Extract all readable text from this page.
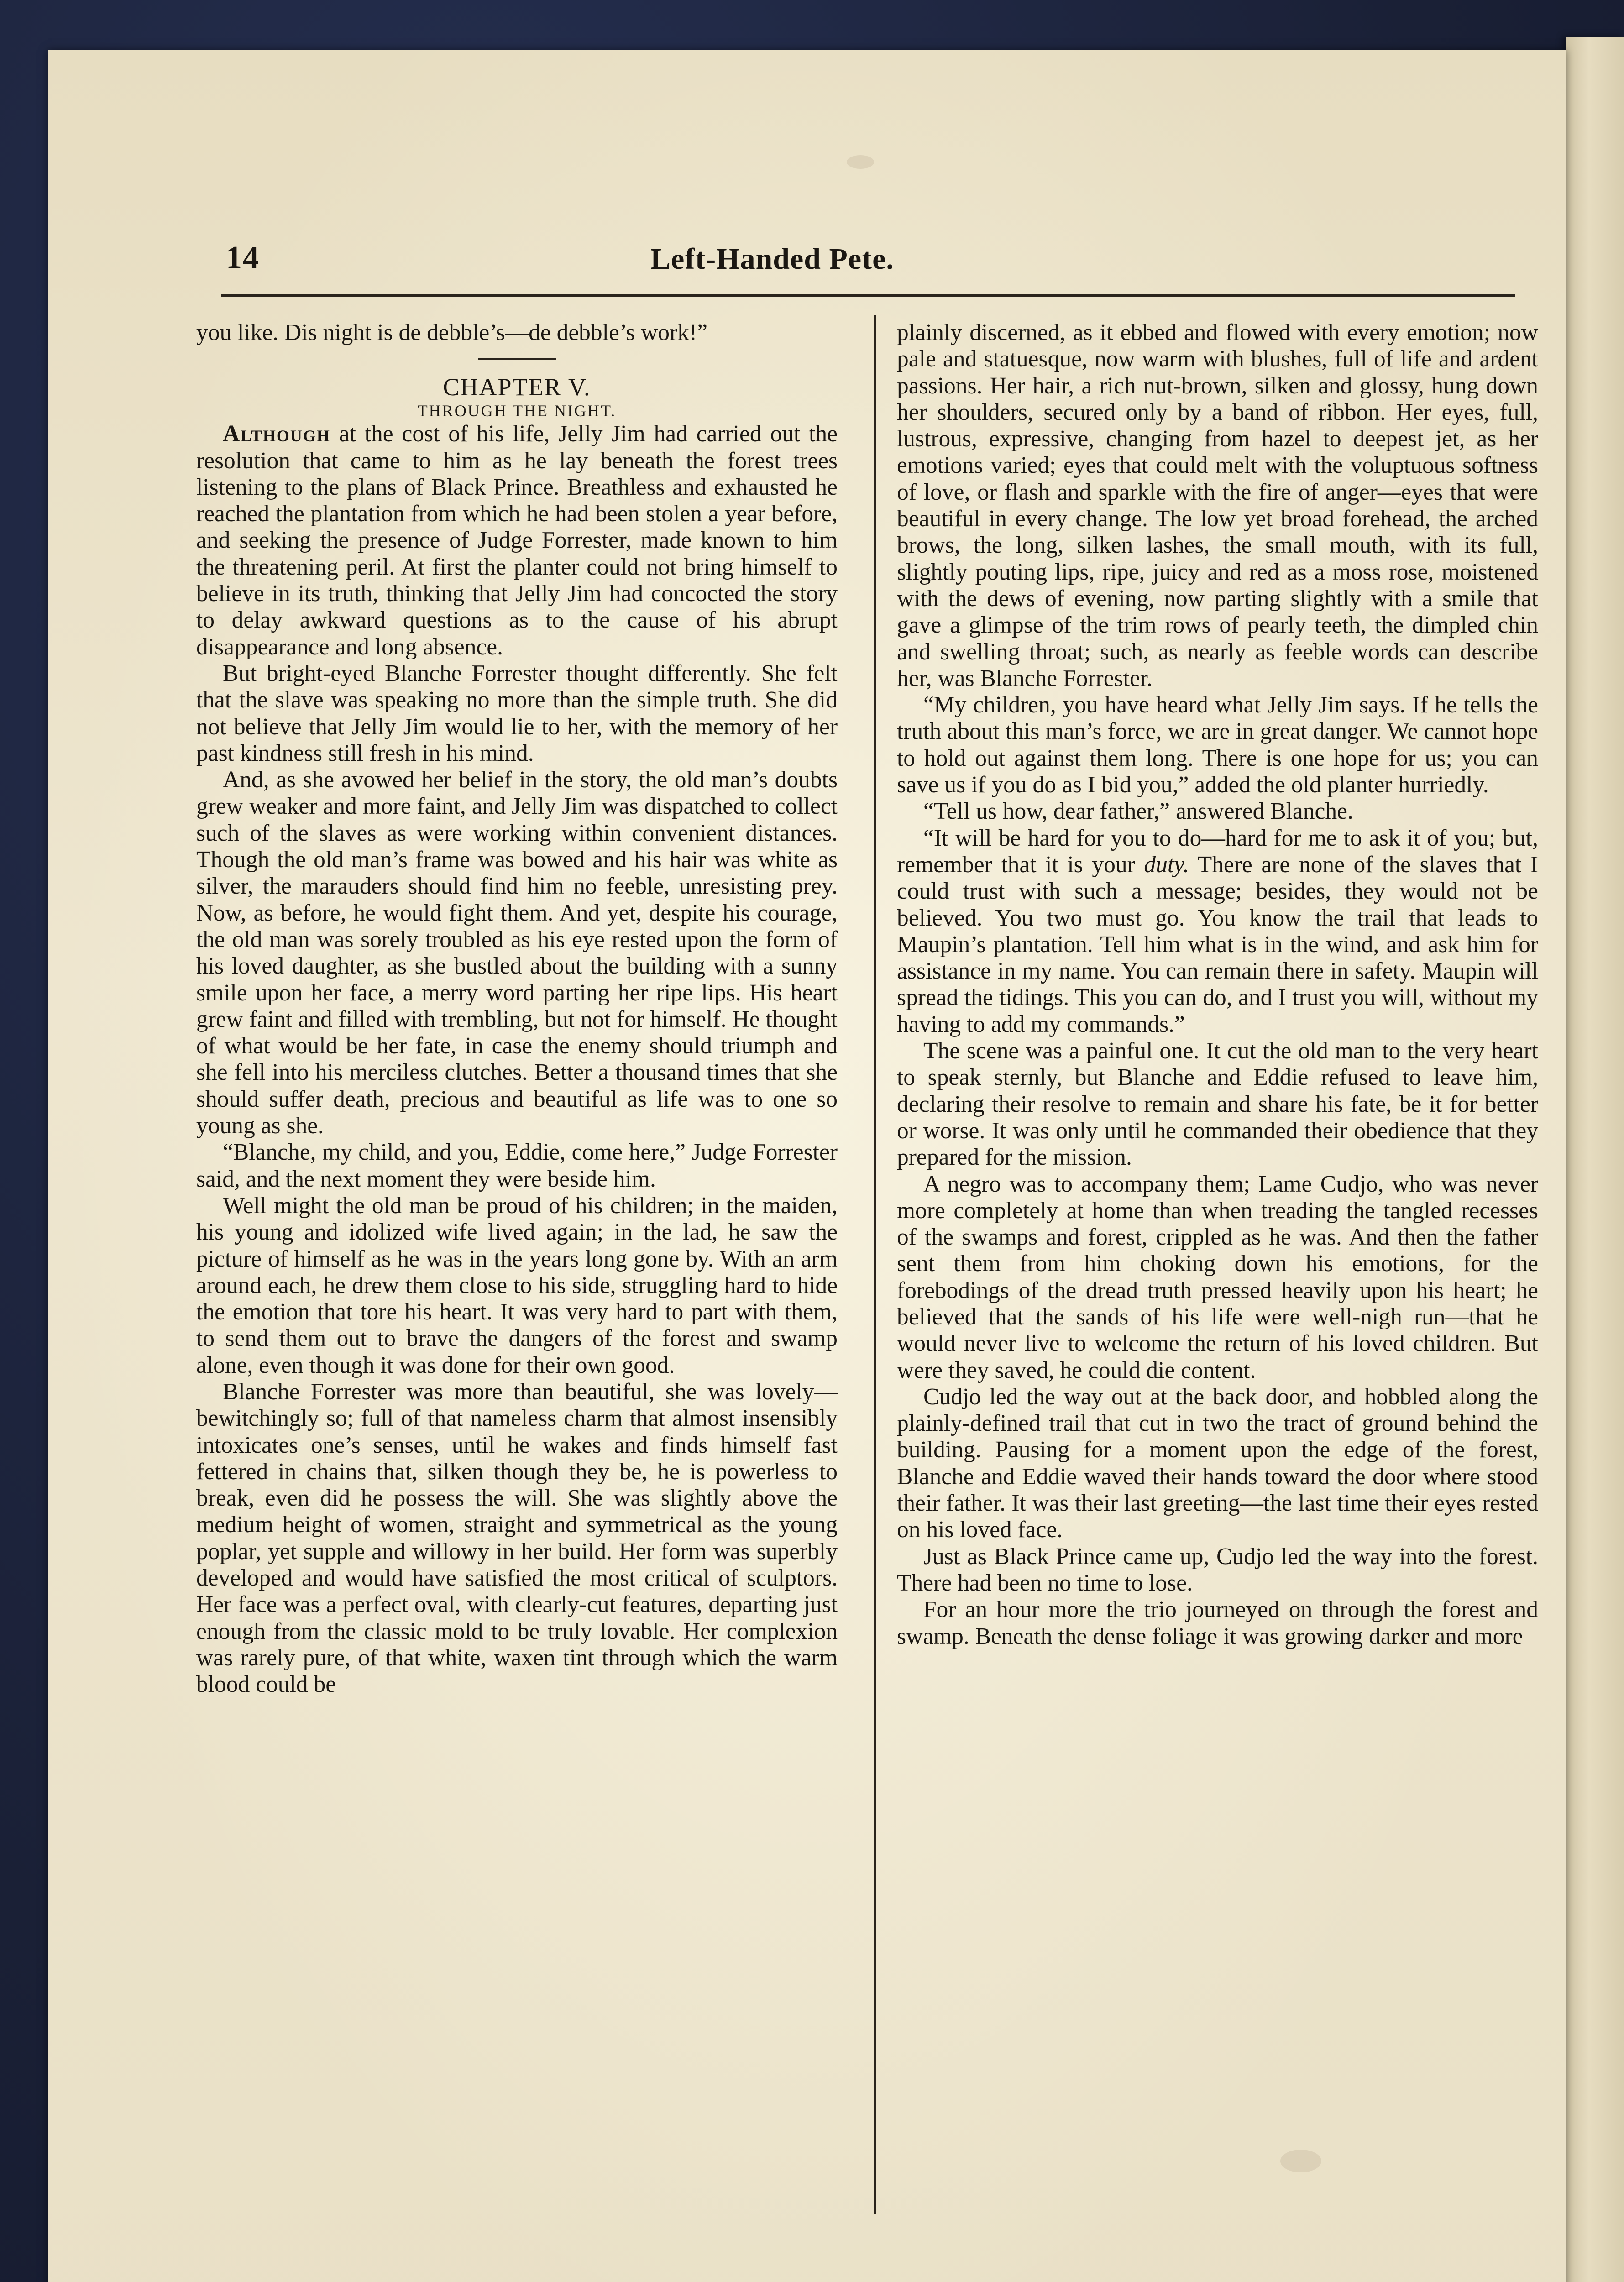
14	Left-Handed Pete.

you like. Dis night is de debble’s—de debble’s work!”

CHAPTER V.

THROUGH THE NIGHT.

Although at the cost of his life, Jelly Jim had carried out the resolution that came to him as he lay beneath the forest trees listening to the plans of Black Prince. Breathless and exhausted he reached the plantation from which he had been stolen a year before, and seeking the presence of Judge Forrester, made known to him the threatening peril. At first the planter could not bring himself to believe in its truth, thinking that Jelly Jim had concocted the story to delay awkward questions as to the cause of his abrupt disappearance and long absence.

But bright-eyed Blanche Forrester thought differently. She felt that the slave was speaking no more than the simple truth. She did not believe that Jelly Jim would lie to her, with the memory of her past kindness still fresh in his mind.

And, as she avowed her belief in the story, the old man’s doubts grew weaker and more faint, and Jelly Jim was dispatched to collect such of the slaves as were working within convenient distances. Though the old man’s frame was bowed and his hair was white as silver, the marauders should find him no feeble, unresisting prey. Now, as before, he would fight them. And yet, despite his courage, the old man was sorely troubled as his eye rested upon the form of his loved daughter, as she bustled about the building with a sunny smile upon her face, a merry word parting her ripe lips. His heart grew faint and filled with trembling, but not for himself. He thought of what would be her fate, in case the enemy should triumph and she fell into his merciless clutches. Better a thousand times that she should suffer death, precious and beautiful as life was to one so young as she.

“Blanche, my child, and you, Eddie, come here,” Judge Forrester said, and the next moment they were beside him.

Well might the old man be proud of his children; in the maiden, his young and idolized wife lived again; in the lad, he saw the picture of himself as he was in the years long gone by. With an arm around each, he drew them close to his side, struggling hard to hide the emotion that tore his heart. It was very hard to part with them, to send them out to brave the dangers of the forest and swamp alone, even though it was done for their own good.

Blanche Forrester was more than beautiful, she was lovely—bewitchingly so; full of that nameless charm that almost insensibly intoxicates one’s senses, until he wakes and finds himself fast fettered in chains that, silken though they be, he is powerless to break, even did he possess the will. She was slightly above the medium height of women, straight and symmetrical as the young poplar, yet supple and willowy in her build. Her form was superbly developed and would have satisfied the most critical of sculptors. Her face was a perfect oval, with clearly-cut features, departing just enough from the classic mold to be truly lovable. Her complexion was rarely pure, of that white, waxen tint through which the warm blood could be

plainly discerned, as it ebbed and flowed with every emotion; now pale and statuesque, now warm with blushes, full of life and ardent passions. Her hair, a rich nut-brown, silken and glossy, hung down her shoulders, secured only by a band of ribbon. Her eyes, full, lustrous, expressive, changing from hazel to deepest jet, as her emotions varied; eyes that could melt with the voluptuous softness of love, or flash and sparkle with the fire of anger—eyes that were beautiful in every change. The low yet broad forehead, the arched brows, the long, silken lashes, the small mouth, with its full, slightly pouting lips, ripe, juicy and red as a moss rose, moistened with the dews of evening, now parting slightly with a smile that gave a glimpse of the trim rows of pearly teeth, the dimpled chin and swelling throat; such, as nearly as feeble words can describe her, was Blanche Forrester.

“My children, you have heard what Jelly Jim says. If he tells the truth about this man’s force, we are in great danger. We cannot hope to hold out against them long. There is one hope for us; you can save us if you do as I bid you,” added the old planter hurriedly.

“Tell us how, dear father,” answered Blanche.

“It will be hard for you to do—hard for me to ask it of you; but, remember that it is your duty. There are none of the slaves that I could trust with such a message; besides, they would not be believed. You two must go. You know the trail that leads to Maupin’s plantation. Tell him what is in the wind, and ask him for assistance in my name. You can remain there in safety. Maupin will spread the tidings. This you can do, and I trust you will, without my having to add my commands.”

The scene was a painful one. It cut the old man to the very heart to speak sternly, but Blanche and Eddie refused to leave him, declaring their resolve to remain and share his fate, be it for better or worse. It was only until he commanded their obedience that they prepared for the mission.

A negro was to accompany them; Lame Cudjo, who was never more completely at home than when treading the tangled recesses of the swamps and forest, crippled as he was. And then the father sent them from him choking down his emotions, for the forebodings of the dread truth pressed heavily upon his heart; he believed that the sands of his life were well-nigh run—that he would never live to welcome the return of his loved children. But were they saved, he could die content.

Cudjo led the way out at the back door, and hobbled along the plainly-defined trail that cut in two the tract of ground behind the building. Pausing for a moment upon the edge of the forest, Blanche and Eddie waved their hands toward the door where stood their father. It was their last greeting—the last time their eyes rested on his loved face.

Just as Black Prince came up, Cudjo led the way into the forest. There had been no time to lose.

For an hour more the trio journeyed on through the forest and swamp. Beneath the dense foliage it was growing darker and more
